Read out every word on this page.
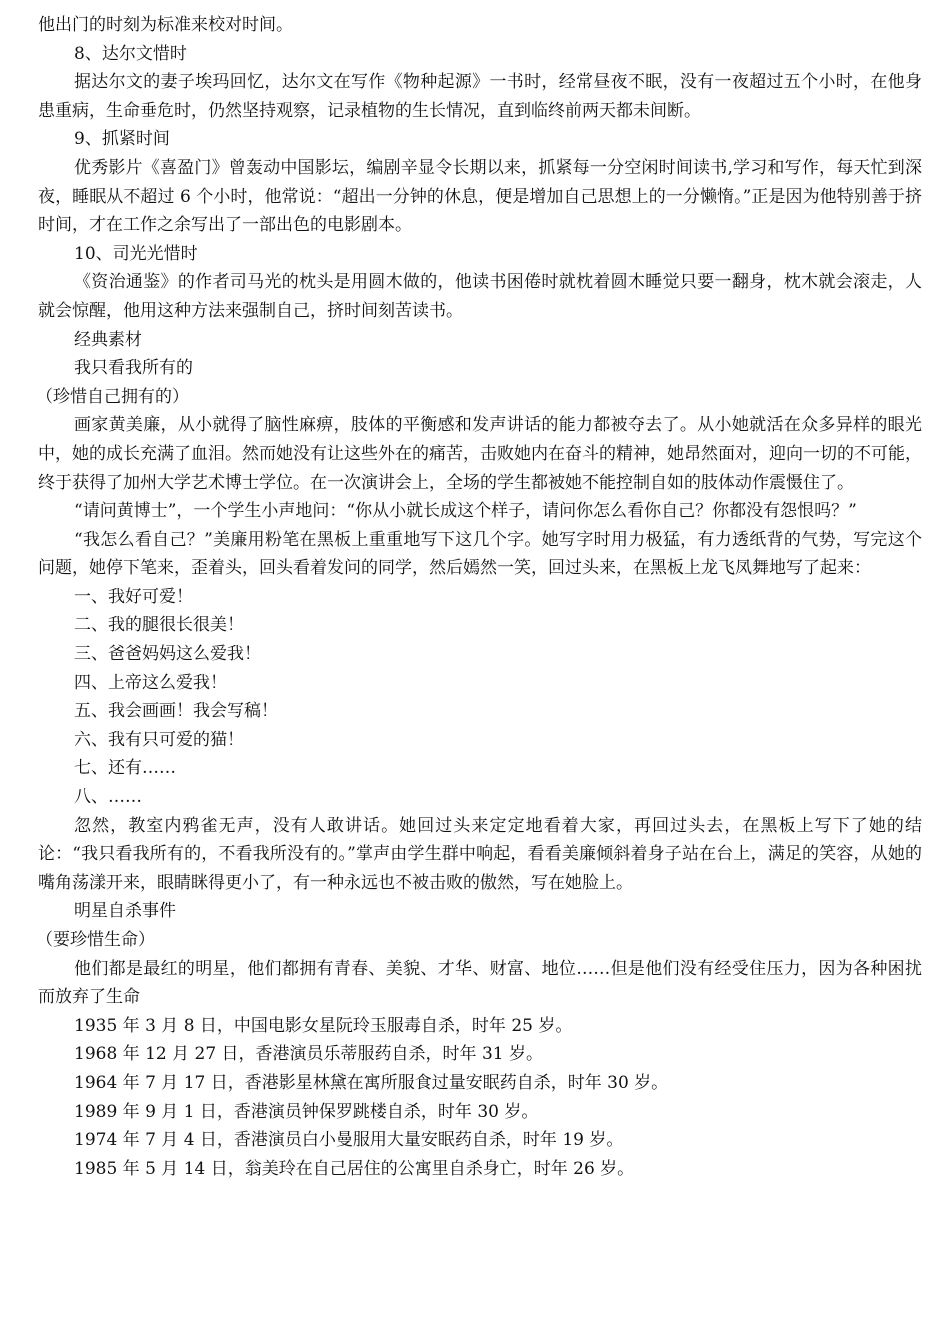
他出门的时刻为标准来校对时间。

8、达尔文惜时

据达尔文的妻子埃玛回忆，达尔文在写作《物种起源》一书时，经常昼夜不眠，没有一夜超过五个小时，在他身患重病，生命垂危时，仍然坚持观察，记录植物的生长情况，直到临终前两天都未间断。

9、抓紧时间

优秀影片《喜盈门》曾轰动中国影坛，编剧辛显令长期以来，抓紧每一分空闲时间读书,学习和写作，每天忙到深夜，睡眠从不超过 6 个小时，他常说：“超出一分钟的休息，便是增加自己思想上的一分懒惰。”正是因为他特别善于挤时间，才在工作之余写出了一部出色的电影剧本。

10、司光光惜时

《资治通鉴》的作者司马光的枕头是用圆木做的，他读书困倦时就枕着圆木睡觉只要一翻身，枕木就会滚走，人就会惊醒，他用这种方法来强制自己，挤时间刻苦读书。

经典素材

我只看我所有的

（珍惜自己拥有的）

画家黄美廉，从小就得了脑性麻痹，肢体的平衡感和发声讲话的能力都被夺去了。从小她就活在众多异样的眼光中，她的成长充满了血泪。然而她没有让这些外在的痛苦，击败她内在奋斗的精神，她昂然面对，迎向一切的不可能，终于获得了加州大学艺术博士学位。在一次演讲会上，全场的学生都被她不能控制自如的肢体动作震慑住了。

“请问黄博士”，一个学生小声地问：“你从小就长成这个样子，请问你怎么看你自己？你都没有怨恨吗？”

“我怎么看自己？”美廉用粉笔在黑板上重重地写下这几个字。她写字时用力极猛，有力透纸背的气势，写完这个问题，她停下笔来，歪着头，回头看着发问的同学，然后嫣然一笑，回过头来，在黑板上龙飞凤舞地写了起来：

一、我好可爱！

二、我的腿很长很美！

三、爸爸妈妈这么爱我！

四、上帝这么爱我！

五、我会画画！我会写稿！

六、我有只可爱的猫！

七、还有……

八、……

忽然，教室内鸦雀无声，没有人敢讲话。她回过头来定定地看着大家，再回过头去，在黑板上写下了她的结论：“我只看我所有的，不看我所没有的。”掌声由学生群中响起，看看美廉倾斜着身子站在台上，满足的笑容，从她的嘴角荡漾开来，眼睛眯得更小了，有一种永远也不被击败的傲然，写在她脸上。

明星自杀事件

（要珍惜生命）

他们都是最红的明星，他们都拥有青春、美貌、才华、财富、地位……但是他们没有经受住压力，因为各种困扰而放弃了生命

1935 年 3 月 8 日，中国电影女星阮玲玉服毒自杀，时年 25 岁。

1968 年 12 月 27 日，香港演员乐蒂服药自杀，时年 31 岁。

1964 年 7 月 17 日，香港影星林黛在寓所服食过量安眠药自杀，时年 30 岁。

1989 年 9 月 1 日，香港演员钟保罗跳楼自杀，时年 30 岁。

1974 年 7 月 4 日，香港演员白小曼服用大量安眠药自杀，时年 19 岁。

1985 年 5 月 14 日，翁美玲在自己居住的公寓里自杀身亡，时年 26 岁。
